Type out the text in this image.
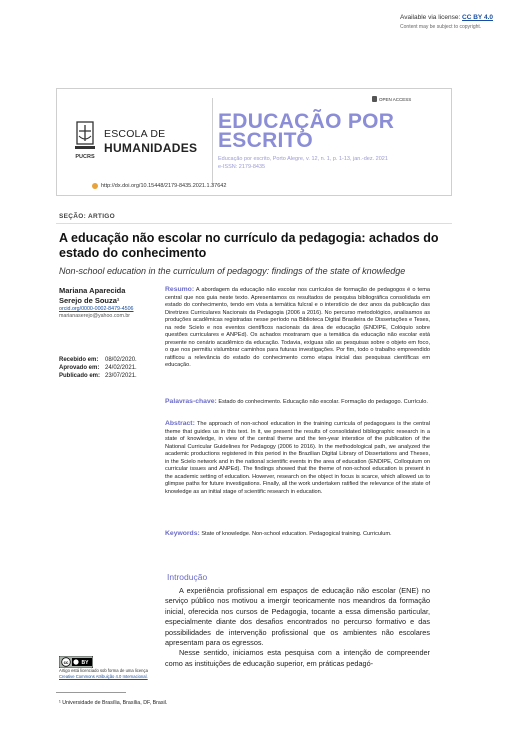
Available via license: CC BY 4.0
Content may be subject to copyright.
PUCRS
ESCOLA DE
HUMANIDADES
OPEN ACCESS
EDUCAÇÃO POR
ESCRITO
Educação por escrito, Porto Alegre, v. 12, n. 1, p. 1-13, jan.-dez. 2021
e-ISSN: 2179-8435
http://dx.doi.org/10.15448/2179-8435.2021.1.37642
SEÇÃO: ARTIGO
A educação não escolar no currículo da pedagogia: achados do estado do conhecimento
Non-school education in the curriculum of pedagogy: findings of the state of knowledge
Mariana Aparecida
Serejo de Souza¹
orcid.org/0000-0002-8479-4506
marianaserejo@yahoo.com.br
Recebido em: 08/02/2020.
Aprovado em: 24/02/2021.
Publicado em: 23/07/2021.
Resumo: A abordagem da educação não escolar nos currículos de formação de pedagogos é o tema central que nos guia neste texto. Apresentamos os resultados de pesquisa bibliográfica consolidada em estado do conhecimento, tendo em vista a temática fulcral e o interstício de dez anos da publicação das Diretrizes Curriculares Nacionais da Pedagogia (2006 a 2016). No percurso metodológico, analisamos as produções acadêmicas registradas nesse período na Biblioteca Digital Brasileira de Dissertações e Teses, na rede Scielo e nos eventos científicos nacionais da área de educação (ENDIPE, Colóquio sobre questões curriculares e ANPEd). Os achados mostraram que a temática da educação não escolar está presente no cenário acadêmico da educação. Todavia, exíguas são as pesquisas sobre o objeto em foco, o que nos permitiu vislumbrar caminhos para futuras investigações. Por fim, todo o trabalho empreendido ratificou a relevância do estado do conhecimento como etapa inicial das pesquisas científicas em educação.
Palavras-chave: Estado do conhecimento. Educação não escolar. Formação do pedagogo. Currículo.
Abstract: The approach of non-school education in the training curricula of pedagogues is the central theme that guides us in this text. In it, we present the results of consolidated bibliographic research in a state of knowledge, in view of the central theme and the ten-year interstice of the publication of the National Curricular Guidelines for Pedagogy (2006 to 2016). In the methodological path, we analyzed the academic productions registered in this period in the Brazilian Digital Library of Dissertations and Theses, in the Scielo network and in the national scientific events in the area of education (ENDIPE, Colloquium on curricular issues and ANPEd). The findings showed that the theme of non-school education is present in the academic setting of education. However, research on the object in focus is scarce, which allowed us to glimpse paths for future investigations. Finally, all the work undertaken ratified the relevance of the state of knowledge as an initial stage of scientific research in education.
Keywords: State of knowledge. Non-school education. Pedagogical training. Curriculum.
Introdução

A experiência profissional em espaços de educação não escolar (ENE) no serviço público nos motivou a imergir teoricamente nos meandros da formação inicial, oferecida nos cursos de Pedagogia, tocante a essa dimensão particular, especialmente diante dos desafios encontrados no percurso formativo e das possibilidades de intervenção profissional que os ambientes não escolares apresentam para os egressos.

Nesse sentido, iniciamos esta pesquisa com a intenção de compreender como as instituições de educação superior, em práticas pedagó-

cc	BY
Artigo está licenciado sob forma de uma licença Creative Commons Atribuição 4.0 Internacional.
¹ Universidade de Brasília, Brasília, DF, Brasil.
